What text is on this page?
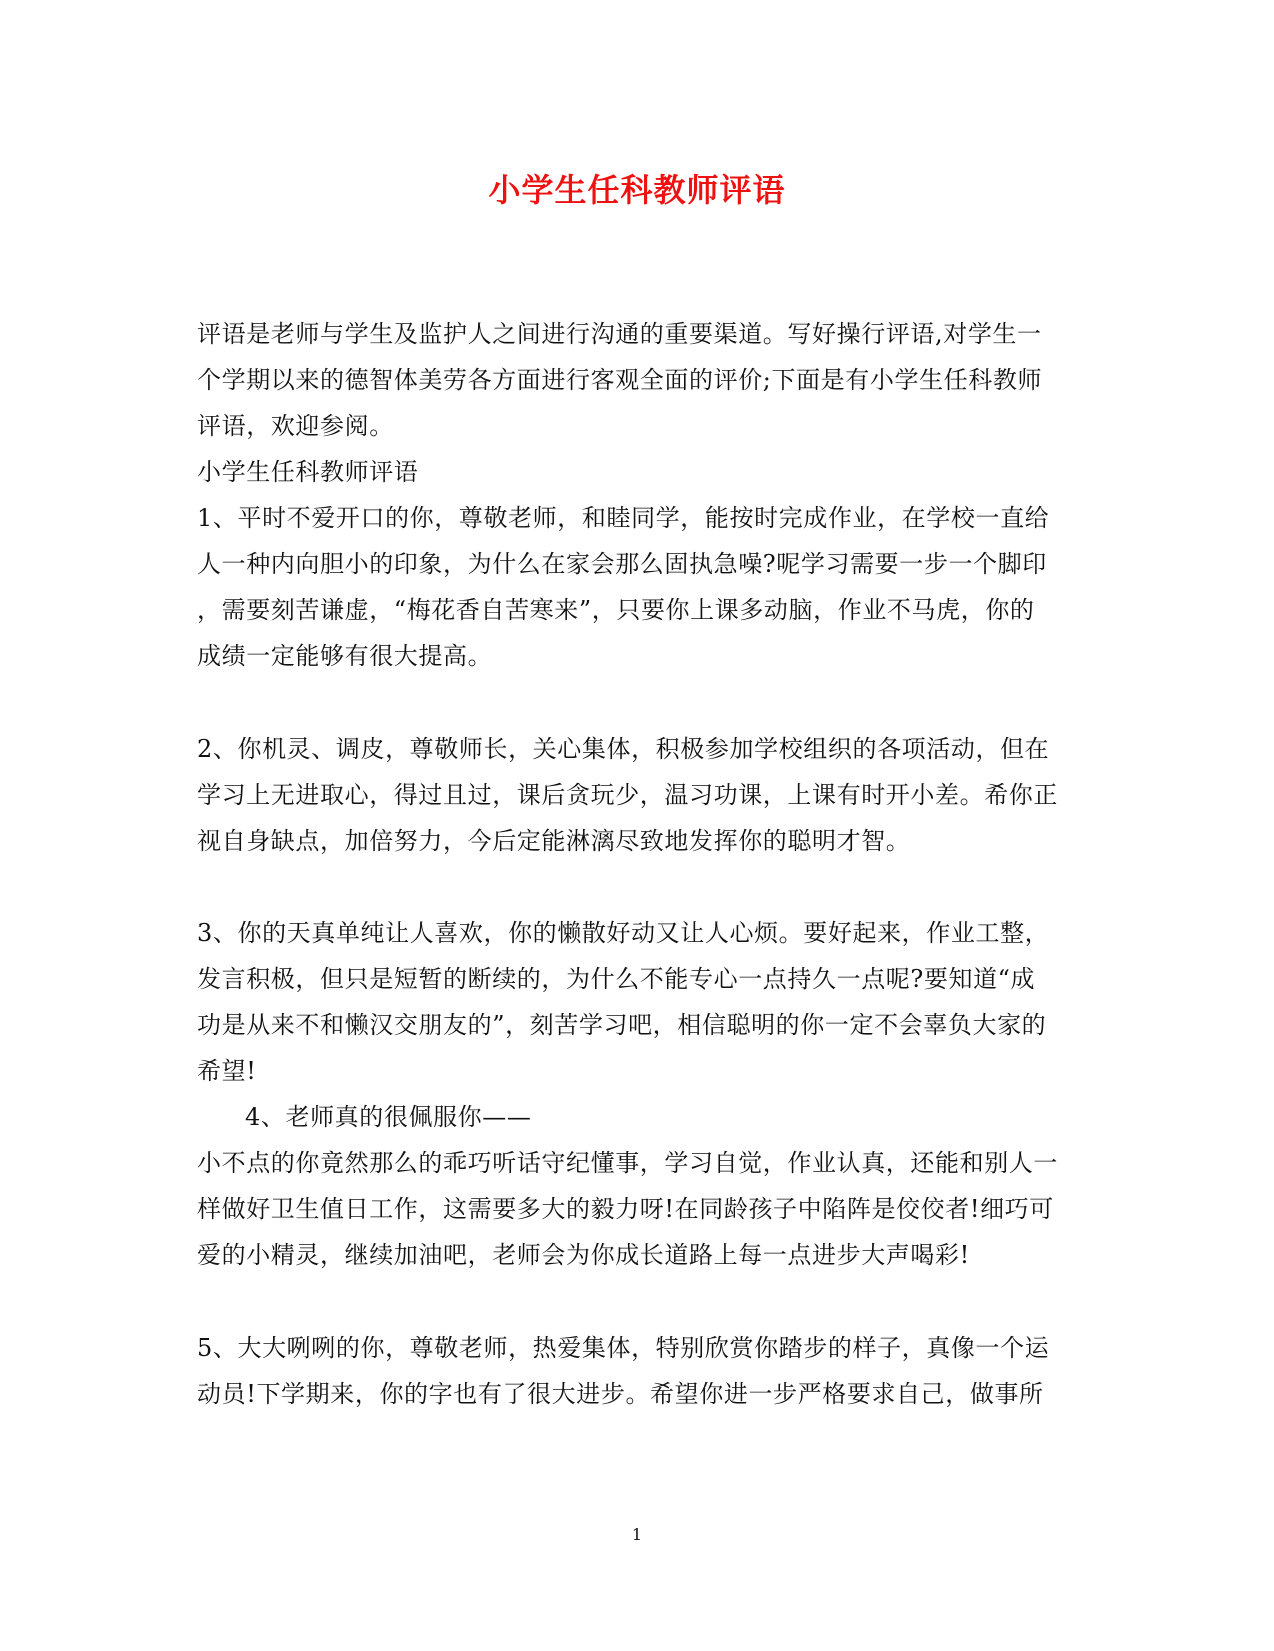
小学生任科教师评语
评语是老师与学生及监护人之间进行沟通的重要渠道。写好操行评语,对学生一
个学期以来的德智体美劳各方面进行客观全面的评价;下面是有小学生任科教师
评语，欢迎参阅。
小学生任科教师评语
1、平时不爱开口的你，尊敬老师，和睦同学，能按时完成作业，在学校一直给
人一种内向胆小的印象，为什么在家会那么固执急噪?呢学习需要一步一个脚印
，需要刻苦谦虚，“梅花香自苦寒来”，只要你上课多动脑，作业不马虎，你的
成绩一定能够有很大提高。
2、你机灵、调皮，尊敬师长，关心集体，积极参加学校组织的各项活动，但在
学习上无进取心，得过且过，课后贪玩少，温习功课，上课有时开小差。希你正
视自身缺点，加倍努力，今后定能淋漓尽致地发挥你的聪明才智。
3、你的天真单纯让人喜欢，你的懒散好动又让人心烦。要好起来，作业工整，
发言积极，但只是短暂的断续的，为什么不能专心一点持久一点呢?要知道“成
功是从来不和懒汉交朋友的”，刻苦学习吧，相信聪明的你一定不会辜负大家的
希望!
4、老师真的很佩服你——
小不点的你竟然那么的乖巧听话守纪懂事，学习自觉，作业认真，还能和别人一
样做好卫生值日工作，这需要多大的毅力呀!在同龄孩子中陷阵是佼佼者!细巧可
爱的小精灵，继续加油吧，老师会为你成长道路上每一点进步大声喝彩!
5、大大咧咧的你，尊敬老师，热爱集体，特别欣赏你踏步的样子，真像一个运
动员!下学期来，你的字也有了很大进步。希望你进一步严格要求自己，做事所
1
